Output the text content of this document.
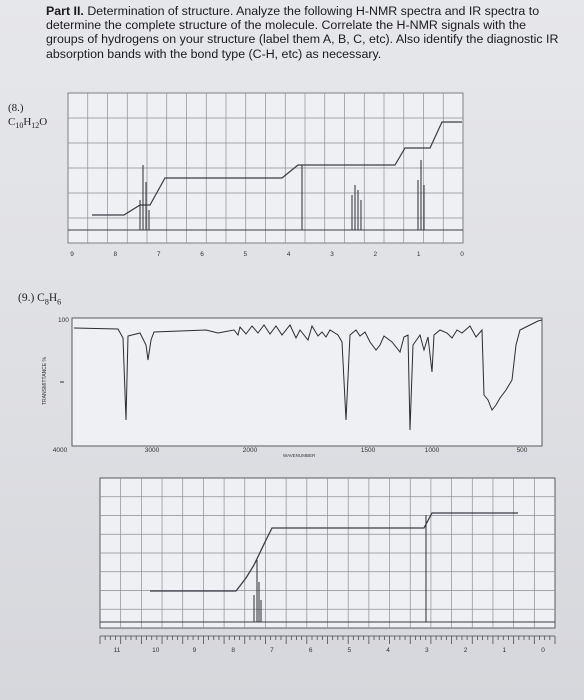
Part II. Determination of structure. Analyze the following H-NMR spectra and IR spectra to determine the complete structure of the molecule. Correlate the H-NMR signals with the groups of hydrogens on your structure (label them A, B, C, etc). Also identify the diagnostic IR absorption bands with the bond type (C-H, etc) as necessary.
(8.)
$C_{10}H_{12}O$
(9.) $C_8H_6$
9	8	7	6	5	4	3	2	1	0
100
TRANSMITTANCE %
4000	3000	2000	1500	1000	500
WAVENUMBER
11	10	9	8	7	6	5	4	3	2	1	0
